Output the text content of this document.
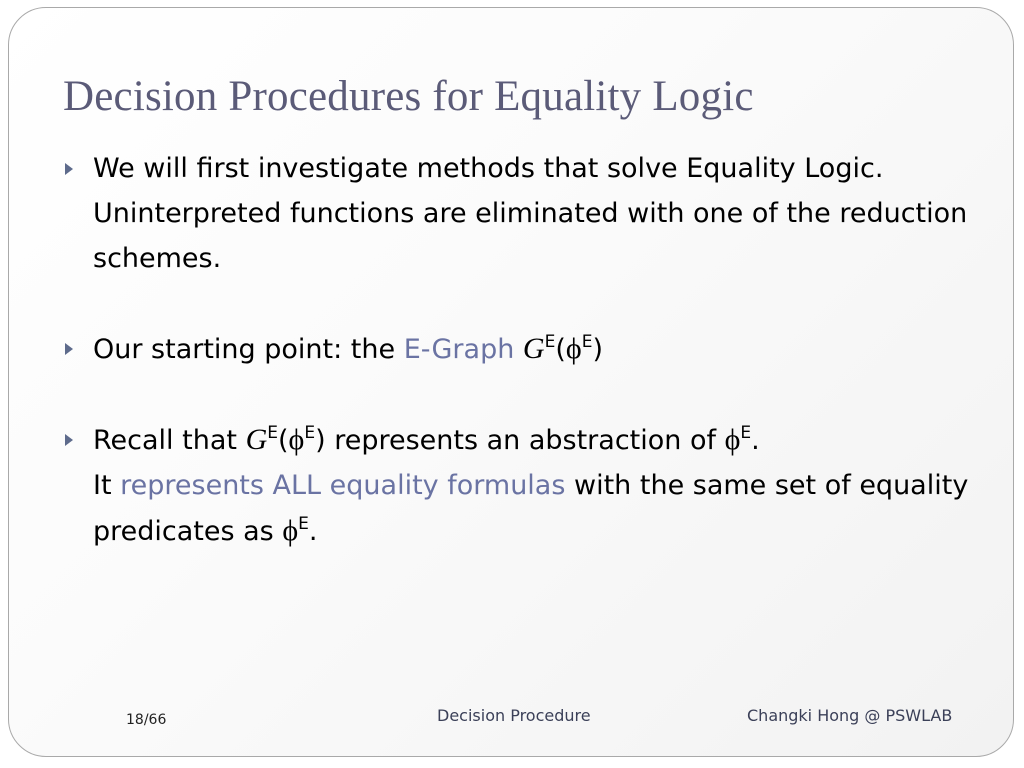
Decision Procedures for Equality Logic
We will first investigate methods that solve Equality Logic.
Uninterpreted functions are eliminated with one of the reduction schemes.
Our starting point: the E-Graph $G^E(\phi^E)$
Recall that $G^E(\phi^E)$ represents an abstraction of $\phi^E$.
It represents ALL equality formulas with the same set of equality predicates as $\phi^E$.
18/66	Decision Procedure	Changki Hong @ PSWLAB
